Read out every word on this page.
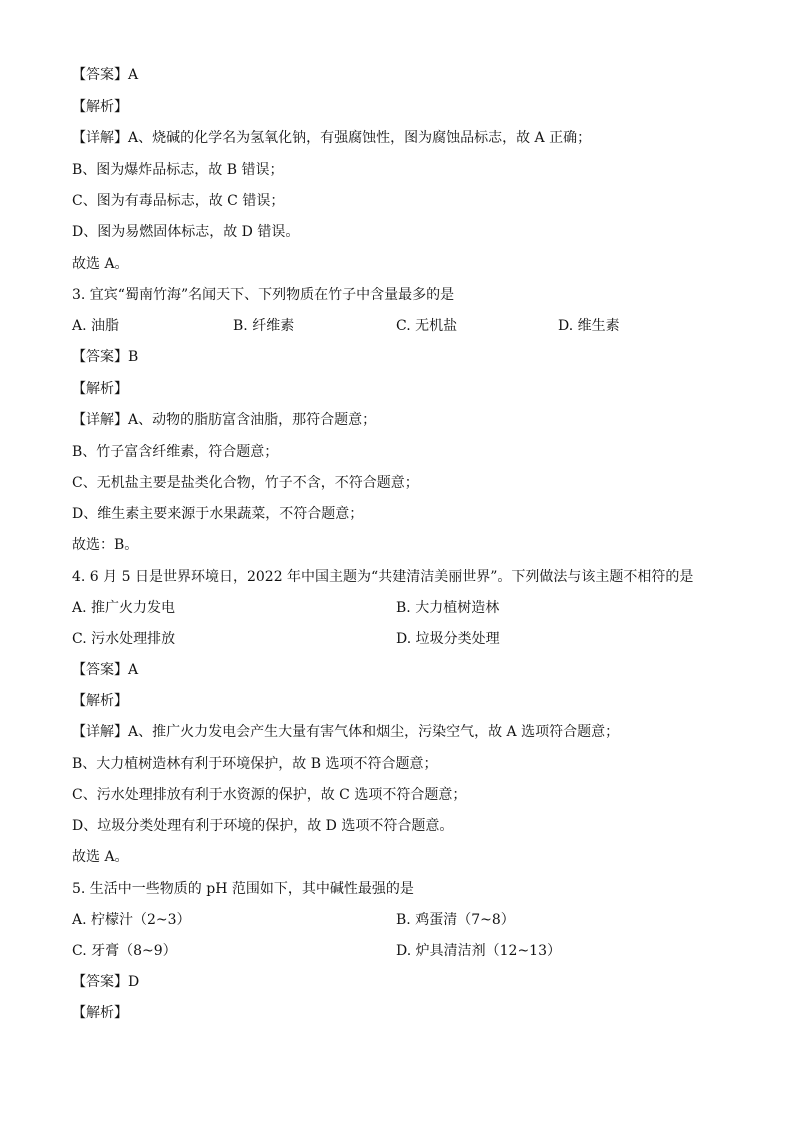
【答案】A
【解析】
【详解】A、烧碱的化学名为氢氧化钠，有强腐蚀性，图为腐蚀品标志，故 A 正确；
B、图为爆炸品标志，故 B 错误；
C、图为有毒品标志，故 C 错误；
D、图为易燃固体标志，故 D 错误。
故选 A。
3. 宜宾“蜀南竹海”名闻天下、下列物质在竹子中含量最多的是
A. 油脂	B. 纤维素	C. 无机盐	D. 维生素
【答案】B
【解析】
【详解】A、动物的脂肪富含油脂，那符合题意；
B、竹子富含纤维素，符合题意；
C、无机盐主要是盐类化合物，竹子不含，不符合题意；
D、维生素主要来源于水果蔬菜，不符合题意；
故选：B。
4. 6 月 5 日是世界环境日，2022 年中国主题为“共建清洁美丽世界”。下列做法与该主题不相符的是
A. 推广火力发电	B. 大力植树造林
C. 污水处理排放	D. 垃圾分类处理
【答案】A
【解析】
【详解】A、推广火力发电会产生大量有害气体和烟尘，污染空气，故 A 选项符合题意；
B、大力植树造林有利于环境保护，故 B 选项不符合题意；
C、污水处理排放有利于水资源的保护，故 C 选项不符合题意；
D、垃圾分类处理有利于环境的保护，故 D 选项不符合题意。
故选 A。
5. 生活中一些物质的 pH 范围如下，其中碱性最强的是
A. 柠檬汁（2~3）	B. 鸡蛋清（7~8）
C. 牙膏（8~9）	D. 炉具清洁剂（12~13）
【答案】D
【解析】
